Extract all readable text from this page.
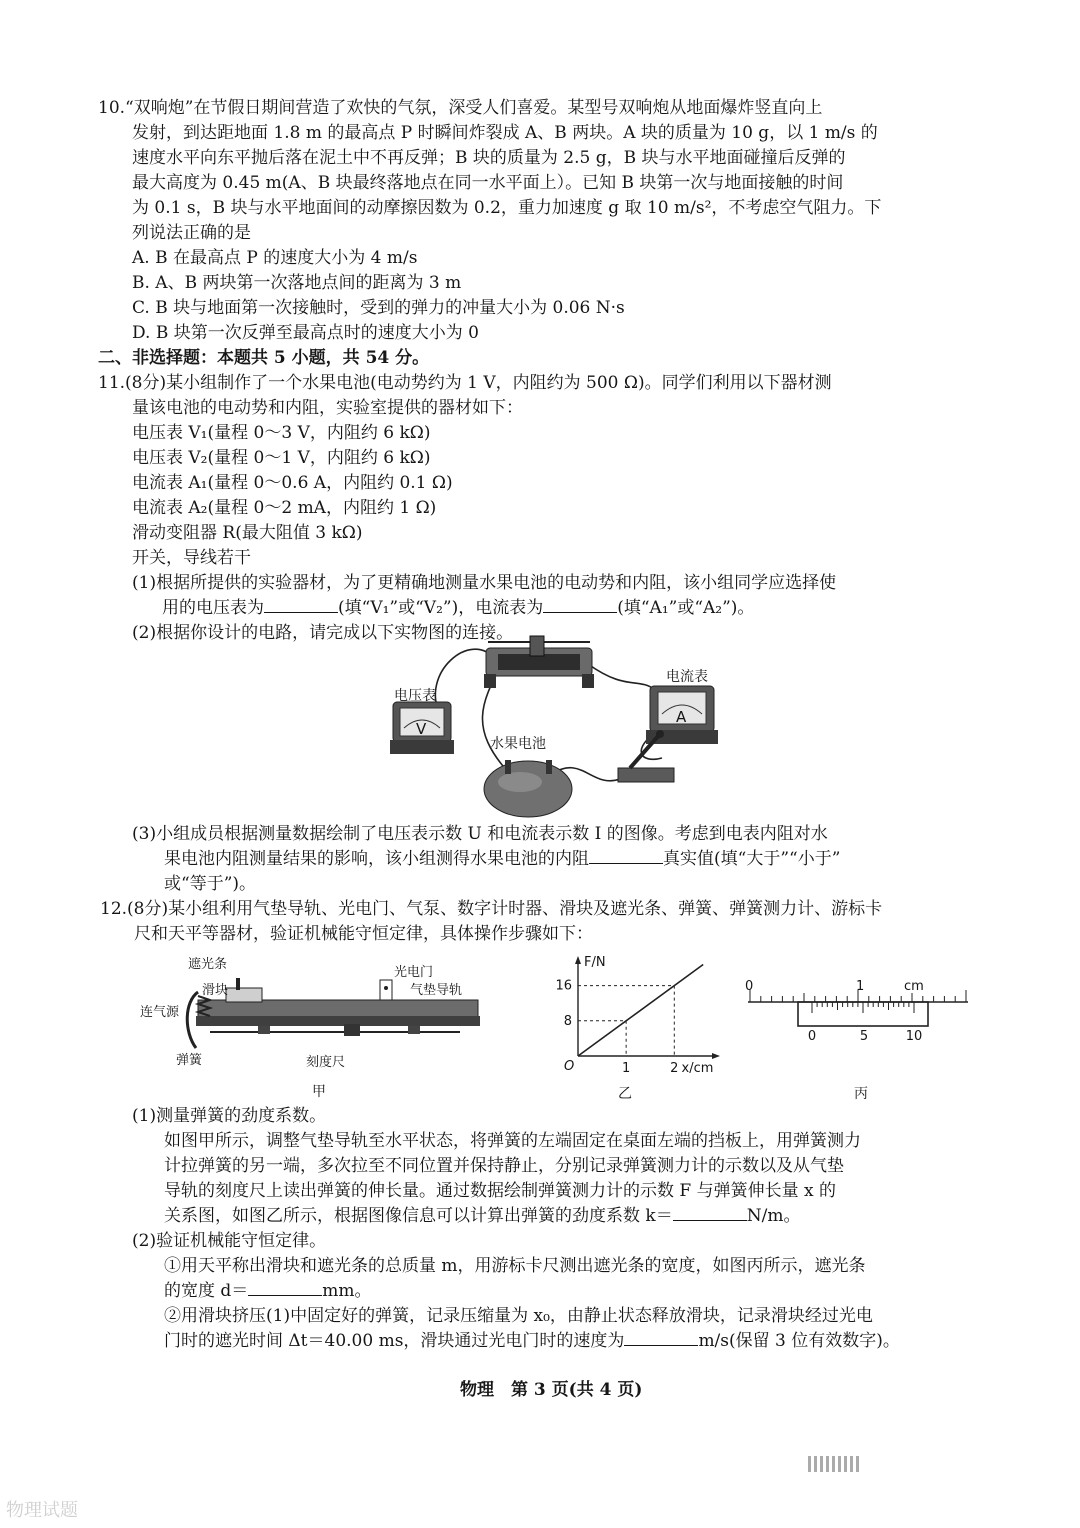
10.“双响炮”在节假日期间营造了欢快的气氛，深受人们喜爱。某型号双响炮从地面爆炸竖直向上
发射，到达距地面 1.8 m 的最高点 P 时瞬间炸裂成 A、B 两块。A 块的质量为 10 g，以 1 m/s 的
速度水平向东平抛后落在泥土中不再反弹；B 块的质量为 2.5 g，B 块与水平地面碰撞后反弹的
最大高度为 0.45 m(A、B 块最终落地点在同一水平面上）。已知 B 块第一次与地面接触的时间
为 0.1 s，B 块与水平地面间的动摩擦因数为 0.2，重力加速度 g 取 10 m/s²，不考虑空气阻力。下
列说法正确的是
A. B 在最高点 P 的速度大小为 4 m/s
B. A、B 两块第一次落地点间的距离为 3 m
C. B 块与地面第一次接触时，受到的弹力的冲量大小为 0.06 N·s
D. B 块第一次反弹至最高点时的速度大小为 0
二、非选择题：本题共 5 小题，共 54 分。
11.(8分)某小组制作了一个水果电池(电动势约为 1 V，内阻约为 500 Ω)。同学们利用以下器材测
量该电池的电动势和内阻，实验室提供的器材如下：
电压表 V₁(量程 0～3 V，内阻约 6 kΩ)
电压表 V₂(量程 0～1 V，内阻约 6 kΩ)
电流表 A₁(量程 0～0.6 A，内阻约 0.1 Ω)
电流表 A₂(量程 0～2 mA，内阻约 1 Ω)
滑动变阻器 R(最大阻值 3 kΩ)
开关，导线若干
(1)根据所提供的实验器材，为了更精确地测量水果电池的电动势和内阻，该小组同学应选择使
用的电压表为	(填“V₁”或“V₂”)，电流表为	(填“A₁”或“A₂”)。
(2)根据你设计的电路，请完成以下实物图的连接。
V
电压表
A
电流表
水果电池
(3)小组成员根据测量数据绘制了电压表示数 U 和电流表示数 I 的图像。考虑到电表内阻对水
果电池内阻测量结果的影响，该小组测得水果电池的内阻	真实值(填“大于”“小于”
或“等于”)。
12.(8分)某小组利用气垫导轨、光电门、气泵、数字计时器、滑块及遮光条、弹簧、弹簧测力计、游标卡
尺和天平等器材，验证机械能守恒定律，具体操作步骤如下：
遮光条
滑块
连气源
弹簧
光电门
气垫导轨
刻度尺
甲
8
16
1	2
O
F/N
x/cm
乙
0	1	cm
0	5	10
丙
(1)测量弹簧的劲度系数。
如图甲所示，调整气垫导轨至水平状态，将弹簧的左端固定在桌面左端的挡板上，用弹簧测力
计拉弹簧的另一端，多次拉至不同位置并保持静止，分别记录弹簧测力计的示数以及从气垫
导轨的刻度尺上读出弹簧的伸长量。通过数据绘制弹簧测力计的示数 F 与弹簧伸长量 x 的
关系图，如图乙所示，根据图像信息可以计算出弹簧的劲度系数 k＝	N/m。
(2)验证机械能守恒定律。
①用天平称出滑块和遮光条的总质量 m，用游标卡尺测出遮光条的宽度，如图丙所示，遮光条
的宽度 d＝	mm。
②用滑块挤压(1)中固定好的弹簧，记录压缩量为 x₀，由静止状态释放滑块，记录滑块经过光电
门时的遮光时间 Δt＝40.00 ms，滑块通过光电门时的速度为	m/s(保留 3 位有效数字)。
物理　第 3 页(共 4 页)
物理试题
